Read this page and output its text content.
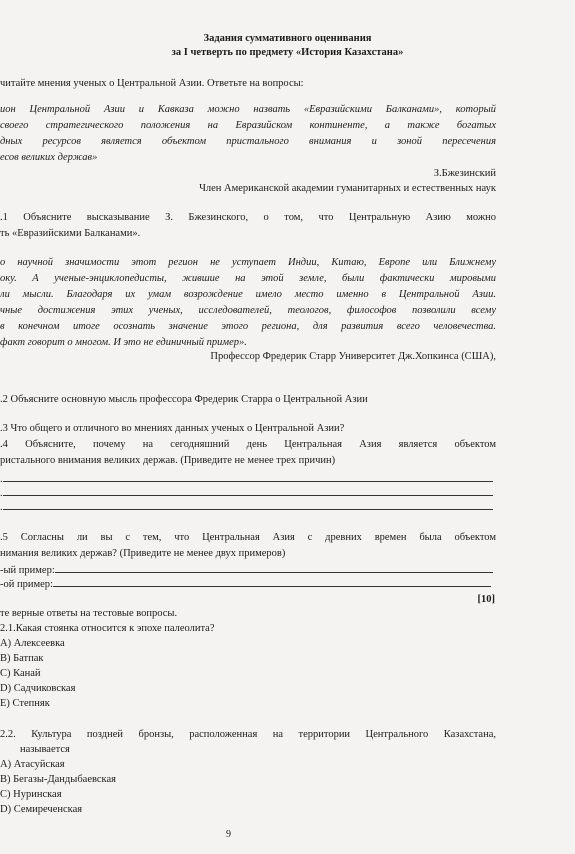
Задания суммативного оценивания
за I четверть по предмету «История Казахстана»
читайте мнения ученых о Центральной Азии. Ответьте на вопросы:
ион Центральной Азии и Кавказа можно назвать «Евразийскими Балканами», который
своего стратегического положения на Евразийском континенте, а также богатых
дных ресурсов является объектом пристального внимания и зоной пересечения
есов великих держав»
З.Бжезинский
Член Американской академии гуманитарных и естественных наук
.1 Объясните высказывание З. Бжезинского, о том, что Центральную Азию можно
ть «Евразийскими Балканами».
о научной значимости этот регион не уступает Индии, Китаю, Европе или Ближнему
оку. А ученые-энциклопедисты, жившие на этой земле, были фактически мировыми
ли мысли. Благодаря их умам возрождение имело место именно в Центральной Азии.
чные достижения этих ученых, исследователей, теологов, философов позволили всему
в конечном итоге осознать значение этого региона, для развития всего человечества.
факт говорит о многом. И это не единичный пример».
Профессор Фредерик Старр Университет Дж.Хопкинса (США),
.2 Объясните основную мысль профессора Фредерик Старра о Центральной Азии
.3 Что общего и отличного во мнениях данных ученых о Центральной Азии?
.4 Объясните, почему на сегодняшний день Центральная Азия является объектом
ристального внимания великих держав. (Приведите не менее трех причин)
.
.
.
.5 Согласны ли вы с тем, что Центральная Азия с древних времен была объектом
нимания великих держав? (Приведите не менее двух примеров)
-ый пример:
-ой пример:
[10]
те верные ответы на тестовые вопросы.
2.1.Какая стоянка относится к эпохе палеолита?
А) Алексеевка
В) Батпак
С) Канай
D) Садчиковская
Е) Степняк
2.2. Культура поздней бронзы, расположенная на территории Центрального Казахстана,
называется
А) Атасуйская
В) Бегазы-Дандыбаевская
С) Нуринская
D) Семиреченская
9
